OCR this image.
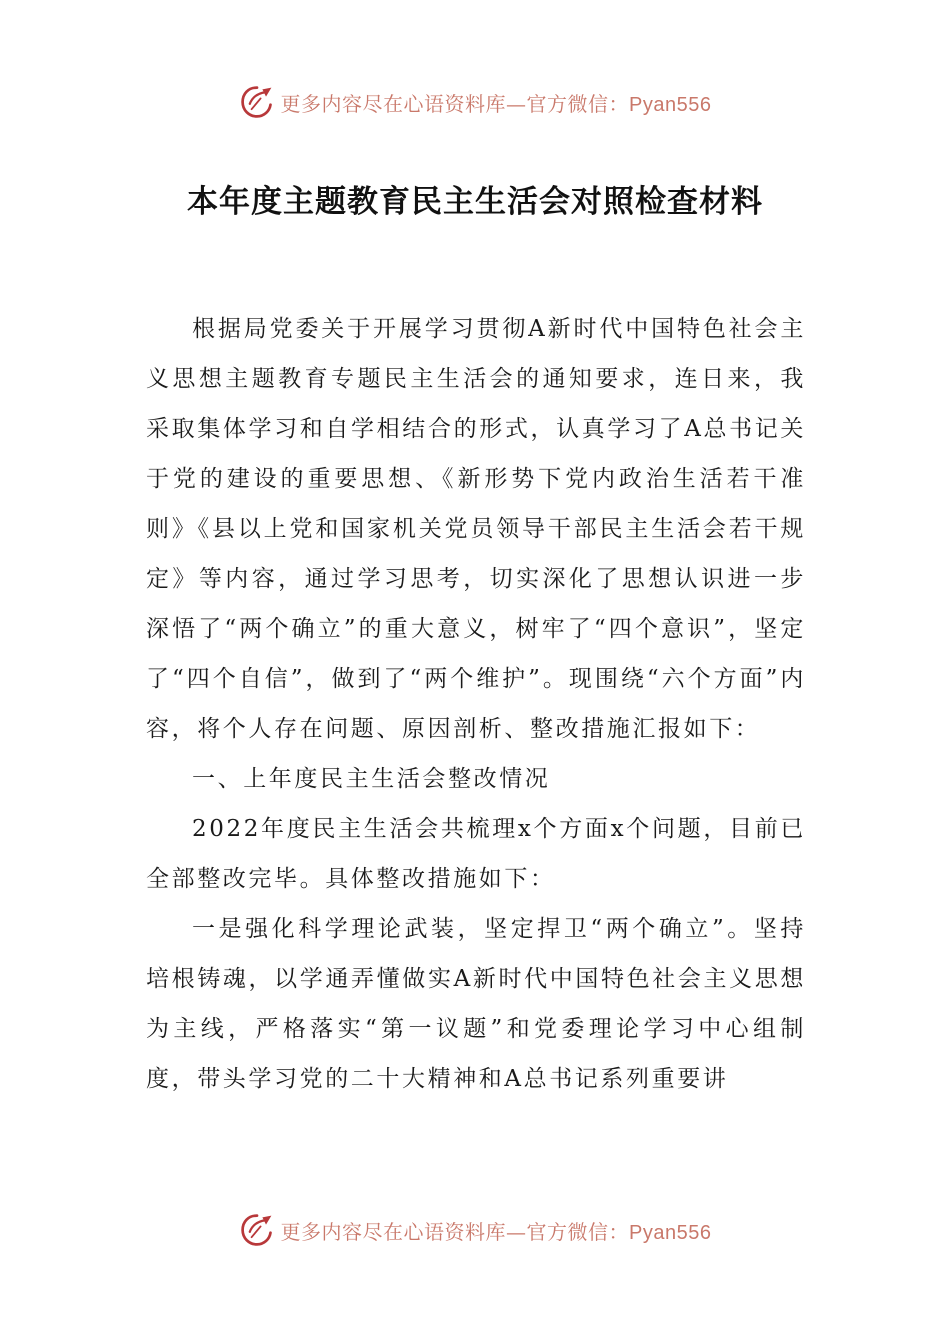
更多内容尽在心语资料库—官方微信：Pyan556
本年度主题教育民主生活会对照检查材料

根据局党委关于开展学习贯彻A新时代中国特色社会主义思想主题教育专题民主生活会的通知要求，连日来，我采取集体学习和自学相结合的形式，认真学习了A总书记关于党的建设的重要思想、《新形势下党内政治生活若干准则》《县以上党和国家机关党员领导干部民主生活会若干规定》等内容，通过学习思考，切实深化了思想认识进一步深悟了“两个确立”的重大意义，树牢了“四个意识”，坚定了“四个自信”，做到了“两个维护”。现围绕“六个方面”内容，将个人存在问题、原因剖析、整改措施汇报如下：

一、上年度民主生活会整改情况

2022年度民主生活会共梳理x个方面x个问题，目前已全部整改完毕。具体整改措施如下：

一是强化科学理论武装，坚定捍卫“两个确立”。坚持培根铸魂，以学通弄懂做实A新时代中国特色社会主义思想为主线，严格落实“第一议题”和党委理论学习中心组制度，带头学习党的二十大精神和A总书记系列重要讲

更多内容尽在心语资料库—官方微信：Pyan556
